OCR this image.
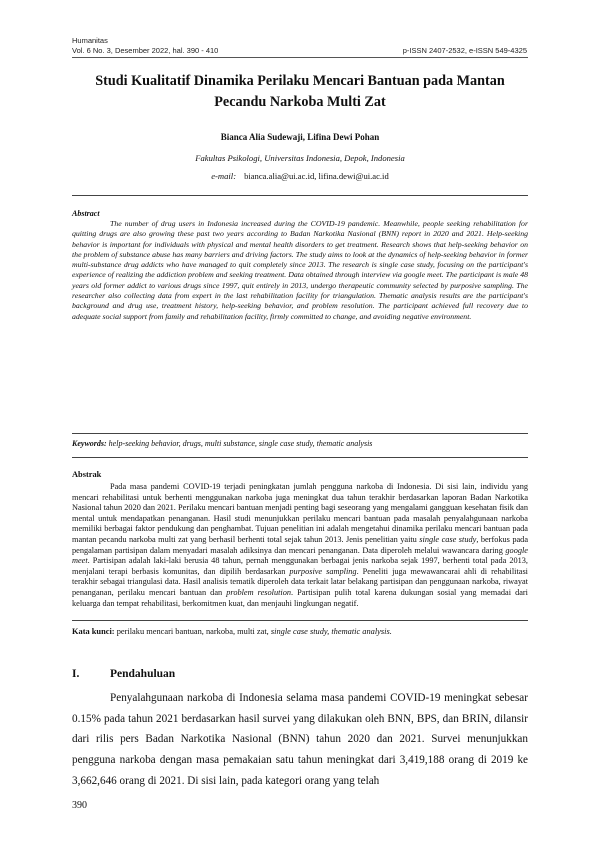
Humanitas
Vol. 6 No. 3, Desember 2022, hal. 390 - 410	p-ISSN 2407-2532, e-ISSN 549-4325
Studi Kualitatif Dinamika Perilaku Mencari Bantuan pada Mantan Pecandu Narkoba Multi Zat
Bianca Alia Sudewaji, Lifina Dewi Pohan
Fakultas Psikologi, Universitas Indonesia, Depok, Indonesia
e-mail: bianca.alia@ui.ac.id, lifina.dewi@ui.ac.id
Abstract

The number of drug users in Indonesia increased during the COVID-19 pandemic. Meanwhile, people seeking rehabilitation for quitting drugs are also growing these past two years according to Badan Narkotika Nasional (BNN) report in 2020 and 2021. Help-seeking behavior is important for individuals with physical and mental health disorders to get treatment. Research shows that help-seeking behavior on the problem of substance abuse has many barriers and driving factors. The study aims to look at the dynamics of help-seeking behavior in former multi-substance drug addicts who have managed to quit completely since 2013. The research is single case study, focusing on the participant's experience of realizing the addiction problem and seeking treatment. Data obtained through interview via google meet. The participant is male 48 years old former addict to various drugs since 1997, quit entirely in 2013, undergo therapeutic community selected by purposive sampling. The researcher also collecting data from expert in the last rehabilitation facility for triangulation. Thematic analysis results are the participant's background and drug use, treatment history, help-seeking behavior, and problem resolution. The participant achieved full recovery due to adequate social support from family and rehabilitation facility, firmly committed to change, and avoiding negative environment.

Keywords: help-seeking behavior, drugs, multi substance, single case study, thematic analysis
Abstrak

Pada masa pandemi COVID-19 terjadi peningkatan jumlah pengguna narkoba di Indonesia. Di sisi lain, individu yang mencari rehabilitasi untuk berhenti menggunakan narkoba juga meningkat dua tahun terakhir berdasarkan laporan Badan Narkotika Nasional tahun 2020 dan 2021. Perilaku mencari bantuan menjadi penting bagi seseorang yang mengalami gangguan kesehatan fisik dan mental untuk mendapatkan penanganan. Hasil studi menunjukkan perilaku mencari bantuan pada masalah penyalahgunaan narkoba memiliki berbagai faktor pendukung dan penghambat. Tujuan penelitian ini adalah mengetahui dinamika perilaku mencari bantuan pada mantan pecandu narkoba multi zat yang berhasil berhenti total sejak tahun 2013. Jenis penelitian yaitu single case study, berfokus pada pengalaman partisipan dalam menyadari masalah adiksinya dan mencari penanganan. Data diperoleh melalui wawancara daring google meet. Partisipan adalah laki-laki berusia 48 tahun, pernah menggunakan berbagai jenis narkoba sejak 1997, berhenti total pada 2013, menjalani terapi berbasis komunitas, dan dipilih berdasarkan purposive sampling. Peneliti juga mewawancarai ahli di rehabilitasi terakhir sebagai triangulasi data. Hasil analisis tematik diperoleh data terkait latar belakang partisipan dan penggunaan narkoba, riwayat penanganan, perilaku mencari bantuan dan problem resolution. Partisipan pulih total karena dukungan sosial yang memadai dari keluarga dan tempat rehabilitasi, berkomitmen kuat, dan menjauhi lingkungan negatif.

Kata kunci: perilaku mencari bantuan, narkoba, multi zat, single case study, thematic analysis.
I.	Pendahuluan

Penyalahgunaan narkoba di Indonesia selama masa pandemi COVID-19 meningkat sebesar 0.15% pada tahun 2021 berdasarkan hasil survei yang dilakukan oleh BNN, BPS, dan BRIN, dilansir dari rilis pers Badan Narkotika Nasional (BNN) tahun 2020 dan 2021. Survei menunjukkan pengguna narkoba dengan masa pemakaian satu tahun meningkat dari 3,419,188 orang di 2019 ke 3,662,646 orang di 2021. Di sisi lain, pada kategori orang yang telah

390
